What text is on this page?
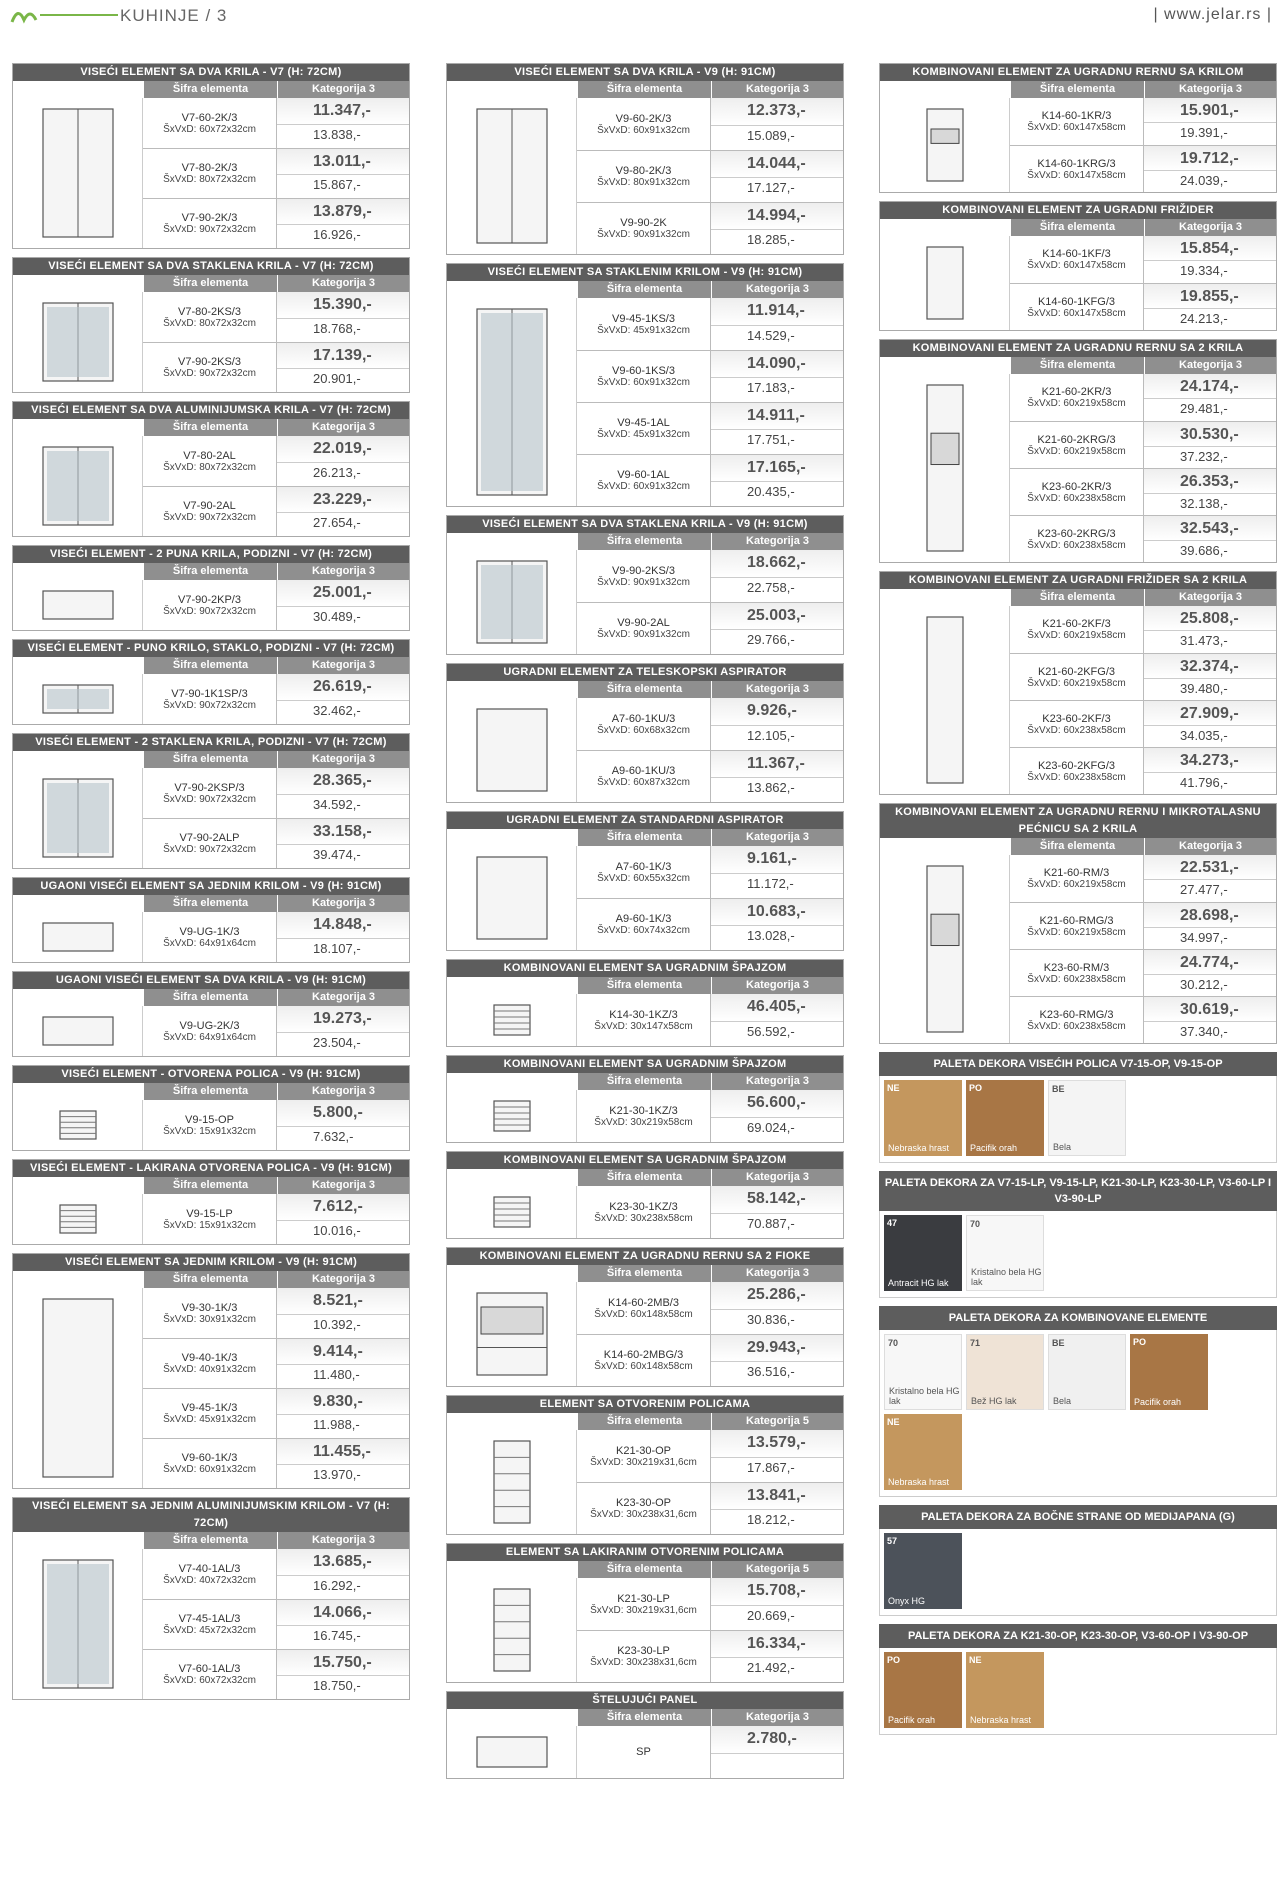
KUHINJE / 3	| www.jelar.rs |
VISEĆI ELEMENT SA DVA KRILA - V7 (H: 72CM)
Šifra elementa	Kategorija 3
V7-60-2K/3
ŠxVxD: 60x72x32cm
11.347,-
13.838,-
V7-80-2K/3
ŠxVxD: 80x72x32cm
13.011,-
15.867,-
V7-90-2K/3
ŠxVxD: 90x72x32cm
13.879,-
16.926,-
VISEĆI ELEMENT SA DVA STAKLENA KRILA - V7 (H: 72CM)
Šifra elementa	Kategorija 3
V7-80-2KS/3
ŠxVxD: 80x72x32cm
15.390,-
18.768,-
V7-90-2KS/3
ŠxVxD: 90x72x32cm
17.139,-
20.901,-
VISEĆI ELEMENT SA DVA ALUMINIJUMSKA KRILA - V7 (H: 72CM)
Šifra elementa	Kategorija 3
V7-80-2AL
ŠxVxD: 80x72x32cm
22.019,-
26.213,-
V7-90-2AL
ŠxVxD: 90x72x32cm
23.229,-
27.654,-
VISEĆI ELEMENT - 2 PUNA KRILA, PODIZNI - V7 (H: 72CM)
Šifra elementa	Kategorija 3
V7-90-2KP/3
ŠxVxD: 90x72x32cm
25.001,-
30.489,-
VISEĆI ELEMENT - PUNO KRILO, STAKLO, PODIZNI - V7 (H: 72CM)
Šifra elementa	Kategorija 3
V7-90-1K1SP/3
ŠxVxD: 90x72x32cm
26.619,-
32.462,-
VISEĆI ELEMENT - 2 STAKLENA KRILA, PODIZNI - V7 (H: 72CM)
Šifra elementa	Kategorija 3
V7-90-2KSP/3
ŠxVxD: 90x72x32cm
28.365,-
34.592,-
V7-90-2ALP
ŠxVxD: 90x72x32cm
33.158,-
39.474,-
UGAONI VISEĆI ELEMENT SA JEDNIM KRILOM - V9 (H: 91CM)
Šifra elementa	Kategorija 3
V9-UG-1K/3
ŠxVxD: 64x91x64cm
14.848,-
18.107,-
UGAONI VISEĆI ELEMENT SA DVA KRILA - V9 (H: 91CM)
Šifra elementa	Kategorija 3
V9-UG-2K/3
ŠxVxD: 64x91x64cm
19.273,-
23.504,-
VISEĆI ELEMENT - OTVORENA POLICA - V9 (H: 91CM)
Šifra elementa	Kategorija 3
V9-15-OP
ŠxVxD: 15x91x32cm
5.800,-
7.632,-
VISEĆI ELEMENT - LAKIRANA OTVORENA POLICA - V9 (H: 91CM)
Šifra elementa	Kategorija 3
V9-15-LP
ŠxVxD: 15x91x32cm
7.612,-
10.016,-
VISEĆI ELEMENT SA JEDNIM KRILOM - V9 (H: 91CM)
Šifra elementa	Kategorija 3
V9-30-1K/3
ŠxVxD: 30x91x32cm
8.521,-
10.392,-
V9-40-1K/3
ŠxVxD: 40x91x32cm
9.414,-
11.480,-
V9-45-1K/3
ŠxVxD: 45x91x32cm
9.830,-
11.988,-
V9-60-1K/3
ŠxVxD: 60x91x32cm
11.455,-
13.970,-
VISEĆI ELEMENT SA JEDNIM ALUMINIJUMSKIM KRILOM - V7 (H: 72CM)
Šifra elementa	Kategorija 3
V7-40-1AL/3
ŠxVxD: 40x72x32cm
13.685,-
16.292,-
V7-45-1AL/3
ŠxVxD: 45x72x32cm
14.066,-
16.745,-
V7-60-1AL/3
ŠxVxD: 60x72x32cm
15.750,-
18.750,-
VISEĆI ELEMENT SA DVA KRILA - V9 (H: 91CM)
Šifra elementa	Kategorija 3
V9-60-2K/3
ŠxVxD: 60x91x32cm
12.373,-
15.089,-
V9-80-2K/3
ŠxVxD: 80x91x32cm
14.044,-
17.127,-
V9-90-2K
ŠxVxD: 90x91x32cm
14.994,-
18.285,-
VISEĆI ELEMENT SA STAKLENIM KRILOM - V9 (H: 91CM)
Šifra elementa	Kategorija 3
V9-45-1KS/3
ŠxVxD: 45x91x32cm
11.914,-
14.529,-
V9-60-1KS/3
ŠxVxD: 60x91x32cm
14.090,-
17.183,-
V9-45-1AL
ŠxVxD: 45x91x32cm
14.911,-
17.751,-
V9-60-1AL
ŠxVxD: 60x91x32cm
17.165,-
20.435,-
VISEĆI ELEMENT SA DVA STAKLENA KRILA - V9 (H: 91CM)
Šifra elementa	Kategorija 3
V9-90-2KS/3
ŠxVxD: 90x91x32cm
18.662,-
22.758,-
V9-90-2AL
ŠxVxD: 90x91x32cm
25.003,-
29.766,-
UGRADNI ELEMENT ZA TELESKOPSKI ASPIRATOR
Šifra elementa	Kategorija 3
A7-60-1KU/3
ŠxVxD: 60x68x32cm
9.926,-
12.105,-
A9-60-1KU/3
ŠxVxD: 60x87x32cm
11.367,-
13.862,-
UGRADNI ELEMENT ZA STANDARDNI ASPIRATOR
Šifra elementa	Kategorija 3
A7-60-1K/3
ŠxVxD: 60x55x32cm
9.161,-
11.172,-
A9-60-1K/3
ŠxVxD: 60x74x32cm
10.683,-
13.028,-
KOMBINOVANI ELEMENT SA UGRADNIM ŠPAJZOM
Šifra elementa	Kategorija 3
K14-30-1KZ/3
ŠxVxD: 30x147x58cm
46.405,-
56.592,-
KOMBINOVANI ELEMENT SA UGRADNIM ŠPAJZOM
Šifra elementa	Kategorija 3
K21-30-1KZ/3
ŠxVxD: 30x219x58cm
56.600,-
69.024,-
KOMBINOVANI ELEMENT SA UGRADNIM ŠPAJZOM
Šifra elementa	Kategorija 3
K23-30-1KZ/3
ŠxVxD: 30x238x58cm
58.142,-
70.887,-
KOMBINOVANI ELEMENT ZA UGRADNU RERNU SA 2 FIOKE
Šifra elementa	Kategorija 3
K14-60-2MB/3
ŠxVxD: 60x148x58cm
25.286,-
30.836,-
K14-60-2MBG/3
ŠxVxD: 60x148x58cm
29.943,-
36.516,-
ELEMENT SA OTVORENIM POLICAMA
Šifra elementa	Kategorija 5
K21-30-OP
ŠxVxD: 30x219x31,6cm
13.579,-
17.867,-
K23-30-OP
ŠxVxD: 30x238x31,6cm
13.841,-
18.212,-
ELEMENT SA LAKIRANIM OTVORENIM POLICAMA
Šifra elementa	Kategorija 5
K21-30-LP
ŠxVxD: 30x219x31,6cm
15.708,-
20.669,-
K23-30-LP
ŠxVxD: 30x238x31,6cm
16.334,-
21.492,-
ŠTELUJUĆI PANEL
Šifra elementa	Kategorija 3
SP
2.780,-
KOMBINOVANI ELEMENT ZA UGRADNU RERNU SA KRILOM
Šifra elementa	Kategorija 3
K14-60-1KR/3
ŠxVxD: 60x147x58cm
15.901,-
19.391,-
K14-60-1KRG/3
ŠxVxD: 60x147x58cm
19.712,-
24.039,-
KOMBINOVANI ELEMENT ZA UGRADNI FRIŽIDER
Šifra elementa	Kategorija 3
K14-60-1KF/3
ŠxVxD: 60x147x58cm
15.854,-
19.334,-
K14-60-1KFG/3
ŠxVxD: 60x147x58cm
19.855,-
24.213,-
KOMBINOVANI ELEMENT ZA UGRADNU RERNU SA 2 KRILA
Šifra elementa	Kategorija 3
K21-60-2KR/3
ŠxVxD: 60x219x58cm
24.174,-
29.481,-
K21-60-2KRG/3
ŠxVxD: 60x219x58cm
30.530,-
37.232,-
K23-60-2KR/3
ŠxVxD: 60x238x58cm
26.353,-
32.138,-
K23-60-2KRG/3
ŠxVxD: 60x238x58cm
32.543,-
39.686,-
KOMBINOVANI ELEMENT ZA UGRADNI FRIŽIDER SA 2 KRILA
Šifra elementa	Kategorija 3
K21-60-2KF/3
ŠxVxD: 60x219x58cm
25.808,-
31.473,-
K21-60-2KFG/3
ŠxVxD: 60x219x58cm
32.374,-
39.480,-
K23-60-2KF/3
ŠxVxD: 60x238x58cm
27.909,-
34.035,-
K23-60-2KFG/3
ŠxVxD: 60x238x58cm
34.273,-
41.796,-
KOMBINOVANI ELEMENT ZA UGRADNU RERNU I MIKROTALASNU PEĆNICU SA 2 KRILA
Šifra elementa	Kategorija 3
K21-60-RM/3
ŠxVxD: 60x219x58cm
22.531,-
27.477,-
K21-60-RMG/3
ŠxVxD: 60x219x58cm
28.698,-
34.997,-
K23-60-RM/3
ŠxVxD: 60x238x58cm
24.774,-
30.212,-
K23-60-RMG/3
ŠxVxD: 60x238x58cm
30.619,-
37.340,-
PALETA DEKORA VISEĆIH POLICA V7-15-OP, V9-15-OP
NE
Nebraska hrast
PO
Pacifik orah
BE
Bela
PALETA DEKORA ZA V7-15-LP, V9-15-LP, K21-30-LP, K23-30-LP, V3-60-LP I V3-90-LP
47
Antracit HG lak
70
Kristalno bela HG lak
PALETA DEKORA ZA KOMBINOVANE ELEMENTE
70
Kristalno bela HG lak
71
Bež HG lak
BE
Bela
PO
Pacifik orah
NE
Nebraska hrast
PALETA DEKORA ZA BOČNE STRANE OD MEDIJAPANA (G)
57
Onyx HG
PALETA DEKORA ZA K21-30-OP, K23-30-OP, V3-60-OP I V3-90-OP
PO
Pacifik orah
NE
Nebraska hrast
